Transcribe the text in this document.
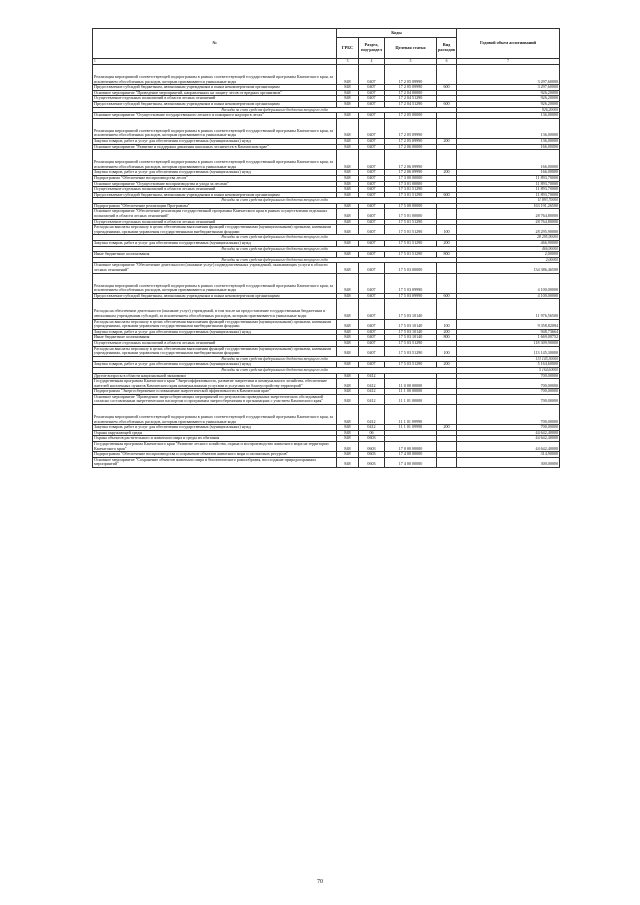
№	Коды				Годовой объем ассигнований
	ГРБС	Раздел, под-раздел	Целевая статья	Вид расходов	
1	3	4	5	6	7
Реализация мероприятий соответствующей подпрограммы в рамках соответствующей государственной программы Камчатского края, за исключением обособленных расходов, которым присваиваются уникальные коды	848	0407	17 2 05 09990		3 297,60000
Предоставление субсидий бюджетным, автономным учреждениям и иным некоммерческим организациям	848	0407	17 2 05 09990	600	3 297,60000
Основное мероприятие "Проведение мероприятий, направленных на защиту лесов от вредных организмов"	848	0407	17 2 04 00000		926,20000
Осуществление отдельных полномочий в области лесных отношений	848	0407	17 2 04 51290		926,20000
Предоставление субсидий бюджетным, автономным учреждениям и иным некоммерческим организациям	848	0407	17 2 04 51290	600	926,20000
Расходы за счет средств федерального бюджета текущего года					926,20000
Основное мероприятие "Осуществление государственного лесного и пожарного надзора в лесах"	848	0407	17 2 05 00000		136,00000
Реализация мероприятий соответствующей подпрограммы в рамках соответствующей государственной программы Камчатского края, за исключением обособленных расходов, которым присваиваются уникальные коды	848	0407	17 2 05 09990		136,00000
Закупка товаров, работ и услуг для обеспечения государственных (муниципальных) нужд	848	0407	17 2 05 09990	200	136,00000
Основное мероприятие "Развитие и поддержка движения школьных лесничеств в Камчатском крае"	848	0407	17 2 06 00000		166,00000
Реализация мероприятий соответствующей подпрограммы в рамках соответствующей государственной программы Камчатского края, за исключением обособленных расходов, которым присваиваются уникальные коды	848	0407	17 2 06 09990		166,00000
Закупка товаров, работ и услуг для обеспечения государственных (муниципальных) нужд	848	0407	17 2 06 09990	200	166,00000
Подпрограмма "Обеспечение воспроизводства лесов"	848	0407	17 3 00 00000		11 893,70000
Основное мероприятие "Осуществление воспроизводства и ухода за лесами"	848	0407	17 3 01 00000		11 893,70000
Осуществление отдельных полномочий в области лесных отношений	848	0407	17 3 01 51290		11 893,70000
Предоставление субсидий бюджетным, автономным учреждениям и иным некоммерческим организациям	848	0407	17 3 01 51290	600	11 893,70000
Расходы за счет средств федерального бюджета текущего года					11 893,70000
Подпрограмма "Обеспечение реализации Программы"	848	0407	17 5 00 00000		163 191,26500
Основное мероприятие "Обеспечение реализации государственной программы Камчатского края в рамках осуществления отдельных полномочий в области лесных отношений"	848	0407	17 5 01 00000		28 764,80000
Осуществление отдельных полномочий в области лесных отношений	848	0407	17 5 01 51290		28 764,80000
Расходы на выплаты персоналу в целях обеспечения выполнения функций государственными (муниципальными) органами, казенными учреждениями, органами управления государственными внебюджетными фондами	848	0407	17 5 01 51290	100	28 295,90000
Расходы за счет средств федерального бюджета текущего года					28 295,90000
Закупка товаров, работ и услуг для обеспечения государственных (муниципальных) нужд	848	0407	17 5 01 51290	200	466,90000
Расходы за счет средств федерального бюджета текущего года					466,90000
Иные бюджетные ассигнования	848	0407	17 5 01 51290	800	2,00000
Расходы за счет средств федерального бюджета текущего года					2,00000
Основное мероприятие "Обеспечение деятельности (оказание услуг) подведомственных учреждений, оказывающих услуги в области лесных отношений"	848	0407	17 5 03 00000		134 386,46500
Реализация мероприятий соответствующей подпрограммы в рамках соответствующей государственной программы Камчатского края, за исключением обособленных расходов, которым присваиваются уникальные коды	848	0407	17 5 03 09990		4 100,00000
Предоставление субсидий бюджетным, автономным учреждениям и иным некоммерческим организациям	848	0407	17 5 03 09990	600	4 100,00000
Расходы на обеспечение деятельности (оказание услуг) учреждений, в том числе на предоставление государственным бюджетным и автономным учреждениям субсидий, за исключением обособленных расходов, которым присваиваются уникальные коды	848	0407	17 5 03 10140		11 976,56500
Расходы на выплаты персоналу в целях обеспечения выполнения функций государственными (муниципальными) органами, казенными учреждениями, органами управления государственными внебюджетными фондами	848	0407	17 5 03 10140	100	9 358,82084
Закупка товаров, работ и услуг для обеспечения государственных (муниципальных) нужд	848	0407	17 5 03 10140	200	948,73664
Иные бюджетные ассигнования	848	0407	17 5 03 10140	800	1 669,00752
Осуществление отдельных полномочий в области лесных отношений	848	0407	17 5 03 51290		118 309,90000
Расходы на выплаты персоналу в целях обеспечения выполнения функций государственными (муниципальными) органами, казенными учреждениями, органами управления государственными внебюджетными фондами	848	0407	17 5 03 51290	100	113 145,30000
Расходы за счет средств федерального бюджета текущего года					113 145,30000
Закупка товаров, работ и услуг для обеспечения государственных (муниципальных) нужд	848	0407	17 5 03 51290	200	5 164,60000
Расходы за счет средств федерального бюджета текущего года					5 164,60000
Другие вопросы в области национальной экономики	848	0412			700,00000
Государственная программа Камчатского края "Энергоэффективность, развитие энергетики и коммунального хозяйства, обеспечение жителей населенных пунктов Камчатского края коммунальными услугами и услугами по благоустройству территорий"	848	0412	11 0 00 00000		700,00000
Подпрограмма "Энергосбережение и повышение энергетической эффективности в Камчатском крае"	848	0412	11 1 00 00000		700,00000
Основное мероприятие "Проведение энергосберегающих мероприятий по результатам проведенных энергетических обследований согласно составленным энергетическим паспортам и программам энергосбережения в организациях с участием Камчатского края"	848	0412	11 1 01 00000		700,00000
Реализация мероприятий соответствующей подпрограммы в рамках соответствующей государственной программы Камчатского края, за исключением обособленных расходов, которым присваиваются уникальные коды	848	0412	11 1 01 09990		700,00000
Закупка товаров, работ и услуг для обеспечения государственных (муниципальных) нужд	848	0412	11 1 01 09990	200	700,00000
Охрана окружающей среды	848	06			44 642,40000
Охрана объектов растительного и животного мира и среды их обитания	848	0603			44 642,40000
Государственная программа Камчатского края "Развитие лесного хозяйства, охрана и воспроизводство животного мира на территории Камчатского края"	848	0603	17 0 00 00000		44 642,40000
Подпрограмма "Обеспечение воспроизводства и сохранение объектов животного мира и охотничьих ресурсов"	848	0603	17 4 00 00000		314,90000
Основное мероприятие "Сохранение объектов животного мира и биологического разнообразия, воссоздание природоохранных мероприятий"	848	0603	17 4 00 00000		300,00000
70
